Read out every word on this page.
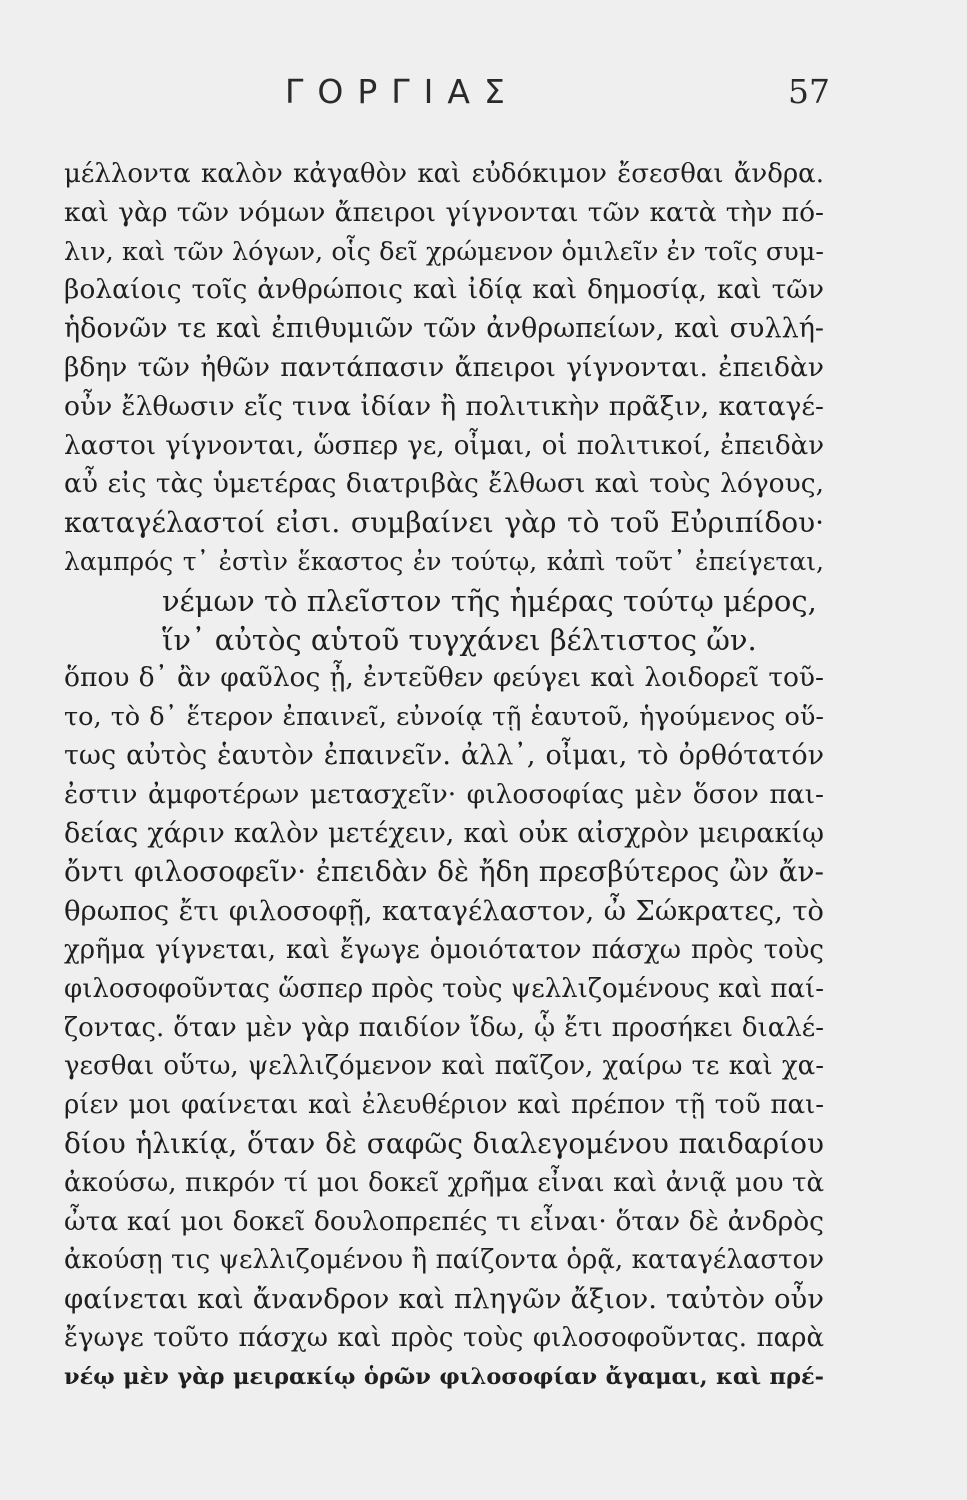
ΓΟΡΓΙΑΣ	57
μέλλοντα καλὸν κἀγαθὸν καὶ εὐδόκιμον ἔσεσθαι ἄνδρα.
καὶ γὰρ τῶν νόμων ἄπειροι γίγνονται τῶν κατὰ τὴν πό-
λιν, καὶ τῶν λόγων, οἷς δεῖ χρώμενον ὁμιλεῖν ἐν τοῖς συμ-
βολαίοις τοῖς ἀνθρώποις καὶ ἰδίᾳ καὶ δημοσίᾳ, καὶ τῶν
ἡδονῶν τε καὶ ἐπιθυμιῶν τῶν ἀνθρωπείων, καὶ συλλή-
βδην τῶν ἠθῶν παντάπασιν ἄπειροι γίγνονται. ἐπειδὰν
οὖν ἔλθωσιν εἴς τινα ἰδίαν ἢ πολιτικὴν πρᾶξιν, καταγέ-
λαστοι γίγνονται, ὥσπερ γε, οἶμαι, οἱ πολιτικοί, ἐπειδὰν
αὖ εἰς τὰς ὑμετέρας διατριβὰς ἔλθωσι καὶ τοὺς λόγους,
καταγέλαστοί εἰσι. συμβαίνει γὰρ τὸ τοῦ Εὐριπίδου·
λαμπρός τ᾽ ἐστὶν ἕκαστος ἐν τούτῳ, κἀπὶ τοῦτ᾽ ἐπείγεται,
νέμων τὸ πλεῖστον τῆς ἡμέρας τούτῳ μέρος,
ἵν᾽ αὐτὸς αὑτοῦ τυγχάνει βέλτιστος ὤν.
ὅπου δ᾽ ἂν φαῦλος ᾖ, ἐντεῦθεν φεύγει καὶ λοιδορεῖ τοῦ-
το, τὸ δ᾽ ἕτερον ἐπαινεῖ, εὐνοίᾳ τῇ ἑαυτοῦ, ἡγούμενος οὕ-
τως αὐτὸς ἑαυτὸν ἐπαινεῖν. ἀλλ᾽, οἶμαι, τὸ ὀρθότατόν
ἐστιν ἀμφοτέρων μετασχεῖν· φιλοσοφίας μὲν ὅσον παι-
δείας χάριν καλὸν μετέχειν, καὶ οὐκ αἰσχρὸν μειρακίῳ
ὄντι φιλοσοφεῖν· ἐπειδὰν δὲ ἤδη πρεσβύτερος ὢν ἄν-
θρωπος ἔτι φιλοσοφῇ, καταγέλαστον, ὦ Σώκρατες, τὸ
χρῆμα γίγνεται, καὶ ἔγωγε ὁμοιότατον πάσχω πρὸς τοὺς
φιλοσοφοῦντας ὥσπερ πρὸς τοὺς ψελλιζομένους καὶ παί-
ζοντας. ὅταν μὲν γὰρ παιδίον ἴδω, ᾧ ἔτι προσήκει διαλέ-
γεσθαι οὕτω, ψελλιζόμενον καὶ παῖζον, χαίρω τε καὶ χα-
ρίεν μοι φαίνεται καὶ ἐλευθέριον καὶ πρέπον τῇ τοῦ παι-
δίου ἡλικίᾳ, ὅταν δὲ σαφῶς διαλεγομένου παιδαρίου
ἀκούσω, πικρόν τί μοι δοκεῖ χρῆμα εἶναι καὶ ἀνιᾷ μου τὰ
ὦτα καί μοι δοκεῖ δουλοπρεπές τι εἶναι· ὅταν δὲ ἀνδρὸς
ἀκούσῃ τις ψελλιζομένου ἢ παίζοντα ὁρᾷ, καταγέλαστον
φαίνεται καὶ ἄνανδρον καὶ πληγῶν ἄξιον. ταὐτὸν οὖν
ἔγωγε τοῦτο πάσχω καὶ πρὸς τοὺς φιλοσοφοῦντας. παρὰ
νέῳ μὲν γὰρ μειρακίῳ ὁρῶν φιλοσοφίαν ἄγαμαι, καὶ πρέ-
